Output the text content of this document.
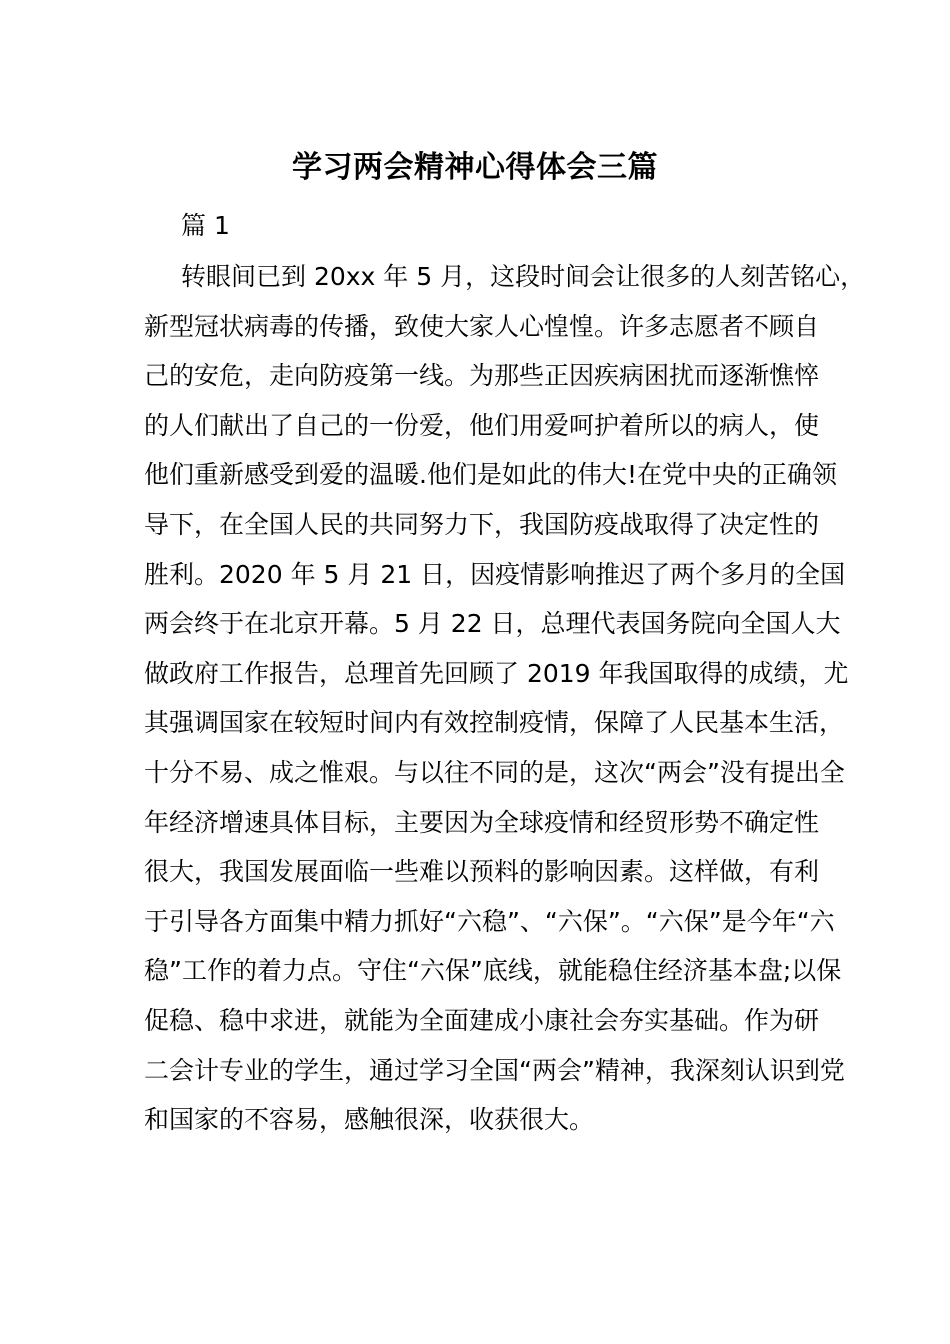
学习两会精神心得体会三篇
篇 1
转眼间已到 20xx 年 5 月，这段时间会让很多的人刻苦铭心，
新型冠状病毒的传播，致使大家人心惶惶。许多志愿者不顾自
己的安危，走向防疫第一线。为那些正因疾病困扰而逐渐憔悴
的人们献出了自己的一份爱，他们用爱呵护着所以的病人，使
他们重新感受到爱的温暖.他们是如此的伟大!在党中央的正确领
导下，在全国人民的共同努力下，我国防疫战取得了决定性的
胜利。2020 年 5 月 21 日，因疫情影响推迟了两个多月的全国
两会终于在北京开幕。5 月 22 日，总理代表国务院向全国人大
做政府工作报告，总理首先回顾了 2019 年我国取得的成绩，尤
其强调国家在较短时间内有效控制疫情，保障了人民基本生活，
十分不易、成之惟艰。与以往不同的是，这次“两会”没有提出全
年经济增速具体目标，主要因为全球疫情和经贸形势不确定性
很大，我国发展面临一些难以预料的影响因素。这样做，有利
于引导各方面集中精力抓好“六稳”、“六保”。“六保”是今年“六
稳”工作的着力点。守住“六保”底线，就能稳住经济基本盘;以保
促稳、稳中求进，就能为全面建成小康社会夯实基础。作为研
二会计专业的学生，通过学习全国“两会”精神，我深刻认识到党
和国家的不容易，感触很深，收获很大。
